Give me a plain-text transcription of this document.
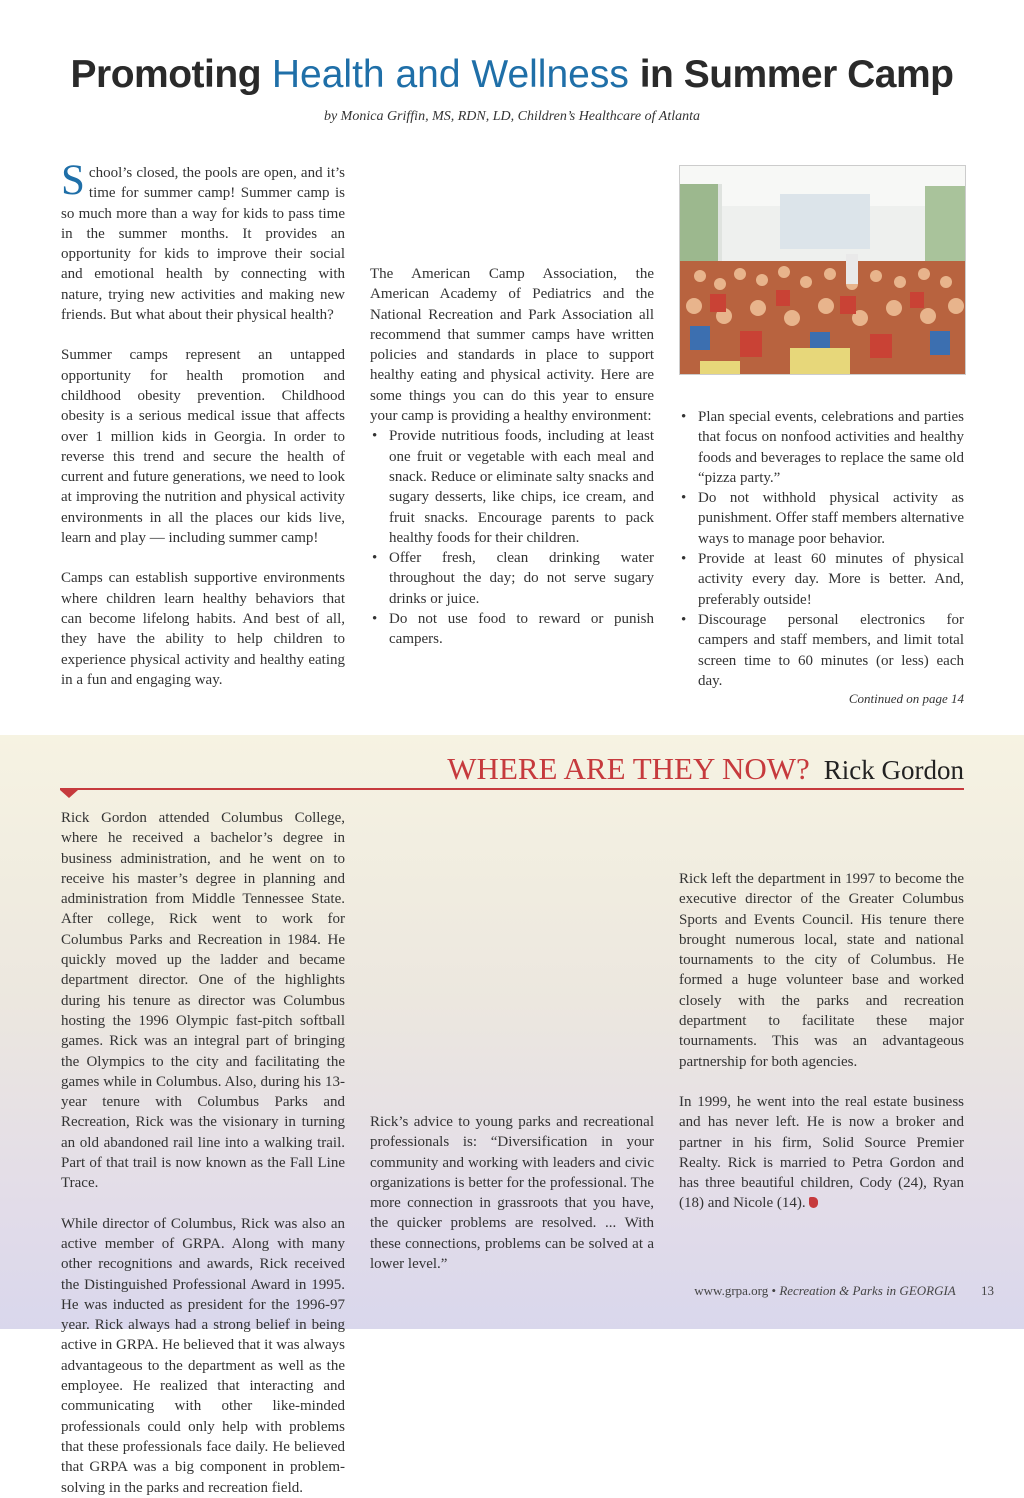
Promoting Health and Wellness in Summer Camp
by Monica Griffin, MS, RDN, LD, Children’s Healthcare of Atlanta

School’s closed, the pools are open, and it’s time for summer camp! Summer camp is so much more than a way for kids to pass time in the summer months. It provides an opportunity for kids to improve their social and emotional health by connecting with nature, trying new activities and making new friends. But what about their physical health?

Summer camps represent an untapped opportunity for health promotion and childhood obesity prevention. Childhood obesity is a serious medical issue that affects over 1 million kids in Georgia. In order to reverse this trend and secure the health of current and future generations, we need to look at improving the nutrition and physical activity environments in all the places our kids live, learn and play — including summer camp!

Camps can establish supportive environments where children learn healthy behaviors that can become lifelong habits. And best of all, they have the ability to help children to experience physical activity and healthy eating in a fun and engaging way.

The American Camp Association, the American Academy of Pediatrics and the National Recreation and Park Association all recommend that summer camps have written policies and standards in place to support healthy eating and physical activity. Here are some things you can do this year to ensure your camp is providing a healthy environment:

• Provide nutritious foods, including at least one fruit or vegetable with each meal and snack. Reduce or eliminate salty snacks and sugary desserts, like chips, ice cream, and fruit snacks. Encourage parents to pack healthy foods for their children.
• Offer fresh, clean drinking water throughout the day; do not serve sugary drinks or juice.
• Do not use food to reward or punish campers.
• Plan special events, celebrations and parties that focus on nonfood activities and healthy foods and beverages to replace the same old “pizza party.”
• Do not withhold physical activity as punishment. Offer staff members alternative ways to manage poor behavior.
• Provide at least 60 minutes of physical activity every day. More is better. And, preferably outside!
• Discourage personal electronics for campers and staff members, and limit total screen time to 60 minutes (or less) each day.
Continued on page 14
WHERE ARE THEY NOW? Rick Gordon

Rick Gordon attended Columbus College, where he received a bachelor’s degree in business administration, and he went on to receive his master’s degree in planning and administration from Middle Tennessee State. After college, Rick went to work for Columbus Parks and Recreation in 1984. He quickly moved up the ladder and became department director. One of the highlights during his tenure as director was Columbus hosting the 1996 Olympic fast-pitch softball games. Rick was an integral part of bringing the Olympics to the city and facilitating the games while in Columbus. Also, during his 13-year tenure with Columbus Parks and Recreation, Rick was the visionary in turning an old abandoned rail line into a walking trail. Part of that trail is now known as the Fall Line Trace.

While director of Columbus, Rick was also an active member of GRPA. Along with many other recognitions and awards, Rick received the Distinguished Professional Award in 1995. He was inducted as president for the 1996-97 year. Rick always had a strong belief in being active in GRPA. He believed that it was always advantageous to the department as well as the employee. He realized that interacting and communicating with other like-minded professionals could only help with problems that these professionals face daily. He believed that GRPA was a big component in problem-solving in the parks and recreation field.

Rick’s advice to young parks and recreational professionals is: “Diversification in your community and working with leaders and civic organizations is better for the professional. The more connection in grassroots that you have, the quicker problems are resolved. ... With these connections, problems can be solved at a lower level.”

Rick left the department in 1997 to become the executive director of the Greater Columbus Sports and Events Council. His tenure there brought numerous local, state and national tournaments to the city of Columbus. He formed a huge volunteer base and worked closely with the parks and recreation department to facilitate these major tournaments. This was an advantageous partnership for both agencies.

In 1999, he went into the real estate business and has never left. He is now a broker and partner in his firm, Solid Source Premier Realty. Rick is married to Petra Gordon and has three beautiful children, Cody (24), Ryan (18) and Nicole (14).

www.grpa.org • Recreation & Parks in GEORGIA 13
